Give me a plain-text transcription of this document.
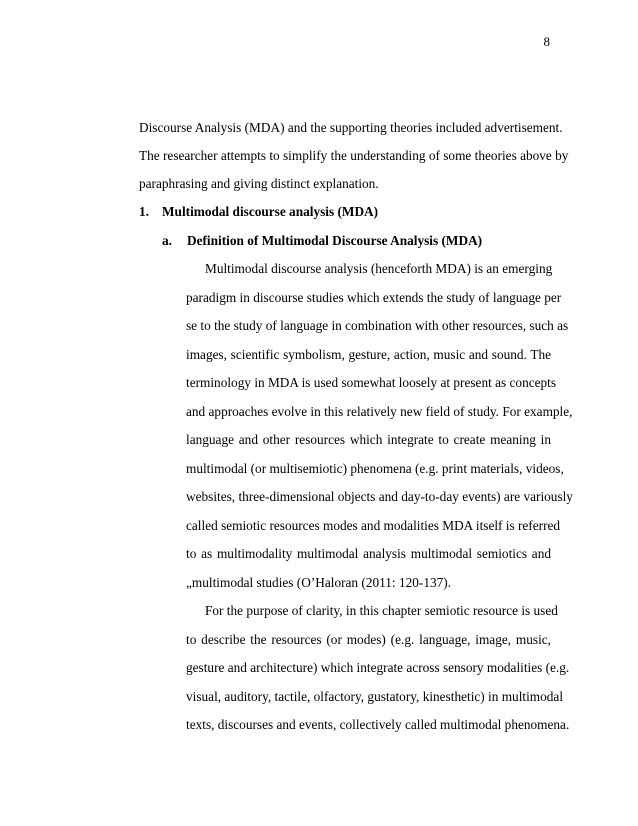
8
Discourse Analysis (MDA) and the supporting theories included advertisement.
The researcher attempts to simplify the understanding of some theories above by
paraphrasing and giving distinct explanation.
1. Multimodal discourse analysis (MDA)
a. Definition of Multimodal Discourse Analysis (MDA)
Multimodal discourse analysis (henceforth MDA) is an emerging
paradigm in discourse studies which extends the study of language per
se to the study of language in combination with other resources, such as
images, scientific symbolism, gesture, action, music and sound. The
terminology in MDA is used somewhat loosely at present as concepts
and approaches evolve in this relatively new field of study. For example,
language and other resources which integrate to create meaning in
multimodal (or multisemiotic) phenomena (e.g. print materials, videos,
websites, three-dimensional objects and day-to-day events) are variously
called semiotic resources modes and modalities MDA itself is referred
to as multimodality multimodal analysis multimodal semiotics and
„multimodal studies (O’Haloran (2011: 120-137).
For the purpose of clarity, in this chapter semiotic resource is used
to describe the resources (or modes) (e.g. language, image, music,
gesture and architecture) which integrate across sensory modalities (e.g.
visual, auditory, tactile, olfactory, gustatory, kinesthetic) in multimodal
texts, discourses and events, collectively called multimodal phenomena.
